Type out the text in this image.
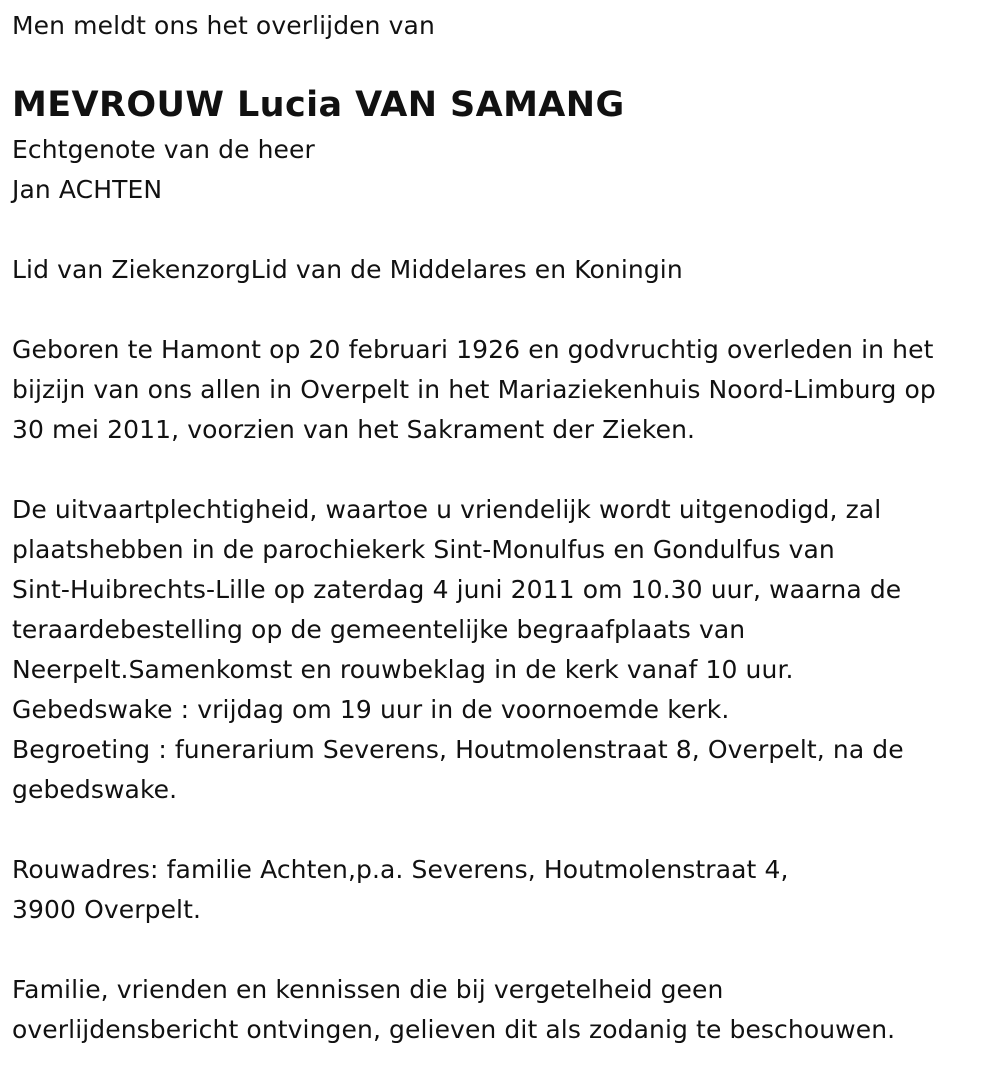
Men meldt ons het overlijden van
MEVROUW Lucia VAN SAMANG
Echtgenote van de heer
Jan ACHTEN
Lid van ZiekenzorgLid van de Middelares en Koningin
Geboren te Hamont op 20 februari 1926 en godvruchtig overleden in het
bijzijn van ons allen in Overpelt in het Mariaziekenhuis Noord-Limburg op
30 mei 2011, voorzien van het Sakrament der Zieken.
De uitvaartplechtigheid, waartoe u vriendelijk wordt uitgenodigd, zal
plaatshebben in de parochiekerk Sint-Monulfus en Gondulfus van
Sint-Huibrechts-Lille op zaterdag 4 juni 2011 om 10.30 uur, waarna de
teraardebestelling op de gemeentelijke begraafplaats van
Neerpelt.Samenkomst en rouwbeklag in de kerk vanaf 10 uur.
Gebedswake : vrijdag om 19 uur in de voornoemde kerk.
Begroeting : funerarium Severens, Houtmolenstraat 8, Overpelt, na de
gebedswake.
Rouwadres: familie Achten,p.a. Severens, Houtmolenstraat 4,
3900 Overpelt.
Familie, vrienden en kennissen die bij vergetelheid geen
overlijdensbericht ontvingen, gelieven dit als zodanig te beschouwen.
